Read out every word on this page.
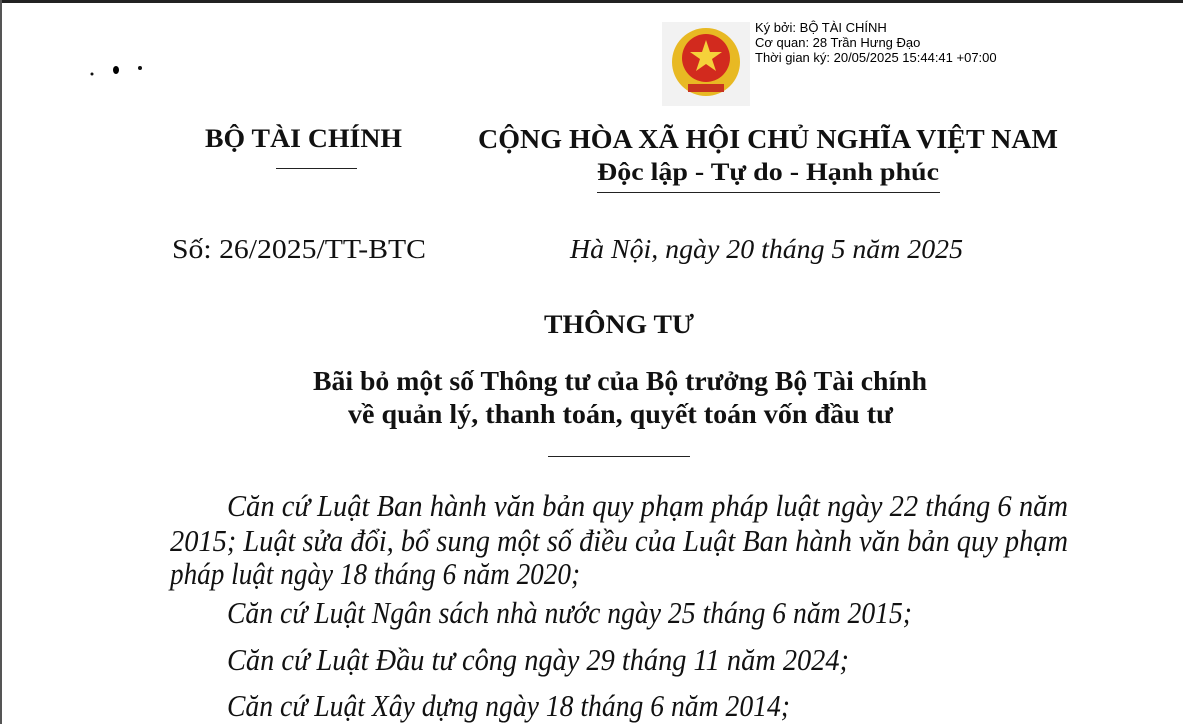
Ký bởi: BỘ TÀI CHÍNH
Cơ quan: 28 Trần Hưng Đạo
Thời gian ký: 20/05/2025 15:44:41 +07:00
BỘ TÀI CHÍNH	CỘNG HÒA XÃ HỘI CHỦ NGHĨA VIỆT NAM
Độc lập - Tự do - Hạnh phúc
Số: 26/2025/TT-BTC	Hà Nội, ngày 20 tháng 5 năm 2025
THÔNG TƯ
Bãi bỏ một số Thông tư của Bộ trưởng Bộ Tài chính
về quản lý, thanh toán, quyết toán vốn đầu tư
Căn cứ Luật Ban hành văn bản quy phạm pháp luật ngày 22 tháng 6 năm
2015; Luật sửa đổi, bổ sung một số điều của Luật Ban hành văn bản quy phạm
pháp luật ngày 18 tháng 6 năm 2020;
Căn cứ Luật Ngân sách nhà nước ngày 25 tháng 6 năm 2015;
Căn cứ Luật Đầu tư công ngày 29 tháng 11 năm 2024;
Căn cứ Luật Xây dựng ngày 18 tháng 6 năm 2014;
